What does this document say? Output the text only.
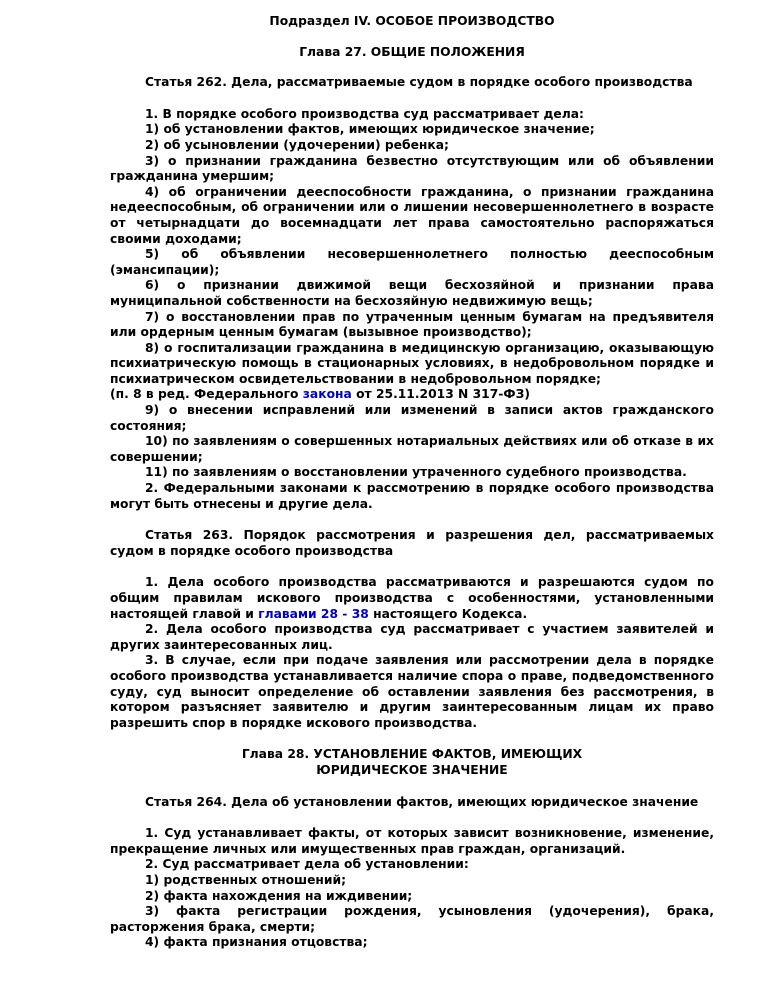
Подраздел IV. ОСОБОЕ ПРОИЗВОДСТВО

Глава 27. ОБЩИЕ ПОЛОЖЕНИЯ

Статья 262. Дела, рассматриваемые судом в порядке особого производства

1. В порядке особого производства суд рассматривает дела:

1) об установлении фактов, имеющих юридическое значение;

2) об усыновлении (удочерении) ребенка;

3) о признании гражданина безвестно отсутствующим или об объявлении гражданина умершим;

4) об ограничении дееспособности гражданина, о признании гражданина недееспособным, об ограничении или о лишении несовершеннолетнего в возрасте от четырнадцати до восемнадцати лет права самостоятельно распоряжаться своими доходами;

5) об объявлении несовершеннолетнего полностью дееспособным (эмансипации);

6) о признании движимой вещи бесхозяйной и признании права муниципальной собственности на бесхозяйную недвижимую вещь;

7) о восстановлении прав по утраченным ценным бумагам на предъявителя или ордерным ценным бумагам (вызывное производство);

8) о госпитализации гражданина в медицинскую организацию, оказывающую психиатрическую помощь в стационарных условиях, в недобровольном порядке и психиатрическом освидетельствовании в недобровольном порядке;

(п. 8 в ред. Федерального закона от 25.11.2013 N 317-ФЗ)

9) о внесении исправлений или изменений в записи актов гражданского состояния;

10) по заявлениям о совершенных нотариальных действиях или об отказе в их совершении;

11) по заявлениям о восстановлении утраченного судебного производства.

2. Федеральными законами к рассмотрению в порядке особого производства могут быть отнесены и другие дела.

Статья 263. Порядок рассмотрения и разрешения дел, рассматриваемых судом в порядке особого производства

1. Дела особого производства рассматриваются и разрешаются судом по общим правилам искового производства с особенностями, установленными настоящей главой и главами 28 - 38 настоящего Кодекса.

2. Дела особого производства суд рассматривает с участием заявителей и других заинтересованных лиц.

3. В случае, если при подаче заявления или рассмотрении дела в порядке особого производства устанавливается наличие спора о праве, подведомственного суду, суд выносит определение об оставлении заявления без рассмотрения, в котором разъясняет заявителю и другим заинтересованным лицам их право разрешить спор в порядке искового производства.

Глава 28. УСТАНОВЛЕНИЕ ФАКТОВ, ИМЕЮЩИХ

ЮРИДИЧЕСКОЕ ЗНАЧЕНИЕ

Статья 264. Дела об установлении фактов, имеющих юридическое значение

1. Суд устанавливает факты, от которых зависит возникновение, изменение, прекращение личных или имущественных прав граждан, организаций.

2. Суд рассматривает дела об установлении:

1) родственных отношений;

2) факта нахождения на иждивении;

3) факта регистрации рождения, усыновления (удочерения), брака, расторжения брака, смерти;

4) факта признания отцовства;
